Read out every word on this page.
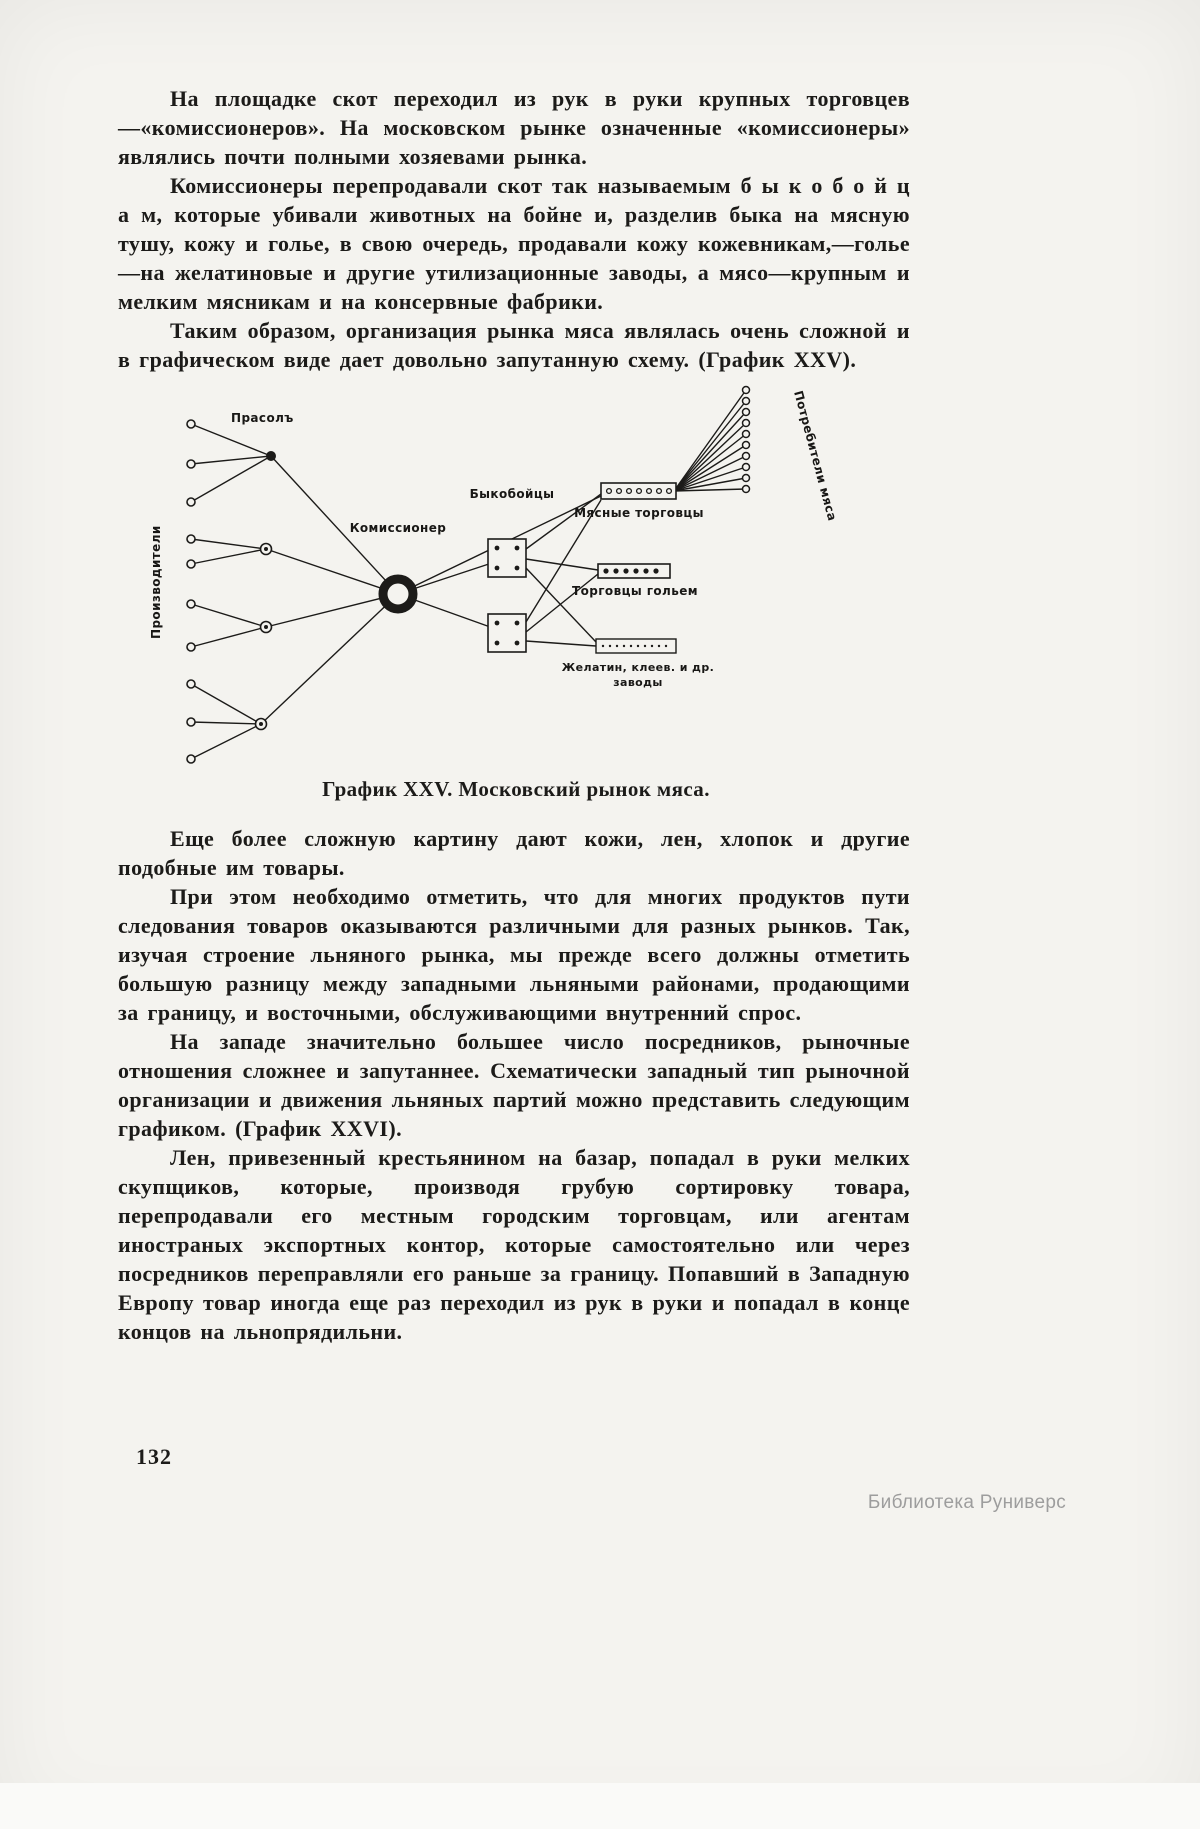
На площадке скот переходил из рук в руки крупных торговцев—«комиссионеров». На московском рынке означенные «комиссионеры» являлись почти полными хозяевами рынка.

Комиссионеры перепродавали скот так называемым б ы к о б о й ц а м, которые убивали животных на бойне и, разделив быка на мясную тушу, кожу и голье, в свою очередь, продавали кожу кожевникам,—голье—на желатиновые и другие утилизационные заводы, а мясо—крупным и мелким мясникам и на консервные фабрики.

Таким образом, организация рынка мяса являлась очень сложной и в графическом виде дает довольно запутанную схему. (График XXV).

Производители
Прасолъ
Комиссионер
Быкобойцы
Мясные торговцы
Торговцы гольем
Желатин, клеев. и др.
заводы
Потребители мяса
График XXV. Московский рынок мяса.

Еще более сложную картину дают кожи, лен, хлопок и другие подобные им товары.

При этом необходимо отметить, что для многих продуктов пути следования товаров оказываются различными для разных рынков. Так, изучая строение льняного рынка, мы прежде всего должны отметить большую разницу между западными льняными районами, продающими за границу, и восточными, обслуживающими внутренний спрос.

На западе значительно большее число посредников, рыночные отношения сложнее и запутаннее. Схематически западный тип рыночной организации и движения льняных партий можно представить следующим графиком. (График XXVI).

Лен, привезенный крестьянином на базар, попадал в руки мелких скупщиков, которые, производя грубую сортировку товара, перепродавали его местным городским торговцам, или агентам иностраных экспортных контор, которые самостоятельно или через посредников переправляли его раньше за границу. Попавший в Западную Европу товар иногда еще раз переходил из рук в руки и попадал в конце концов на льнопрядильни.

132
Библиотека Руниверс
